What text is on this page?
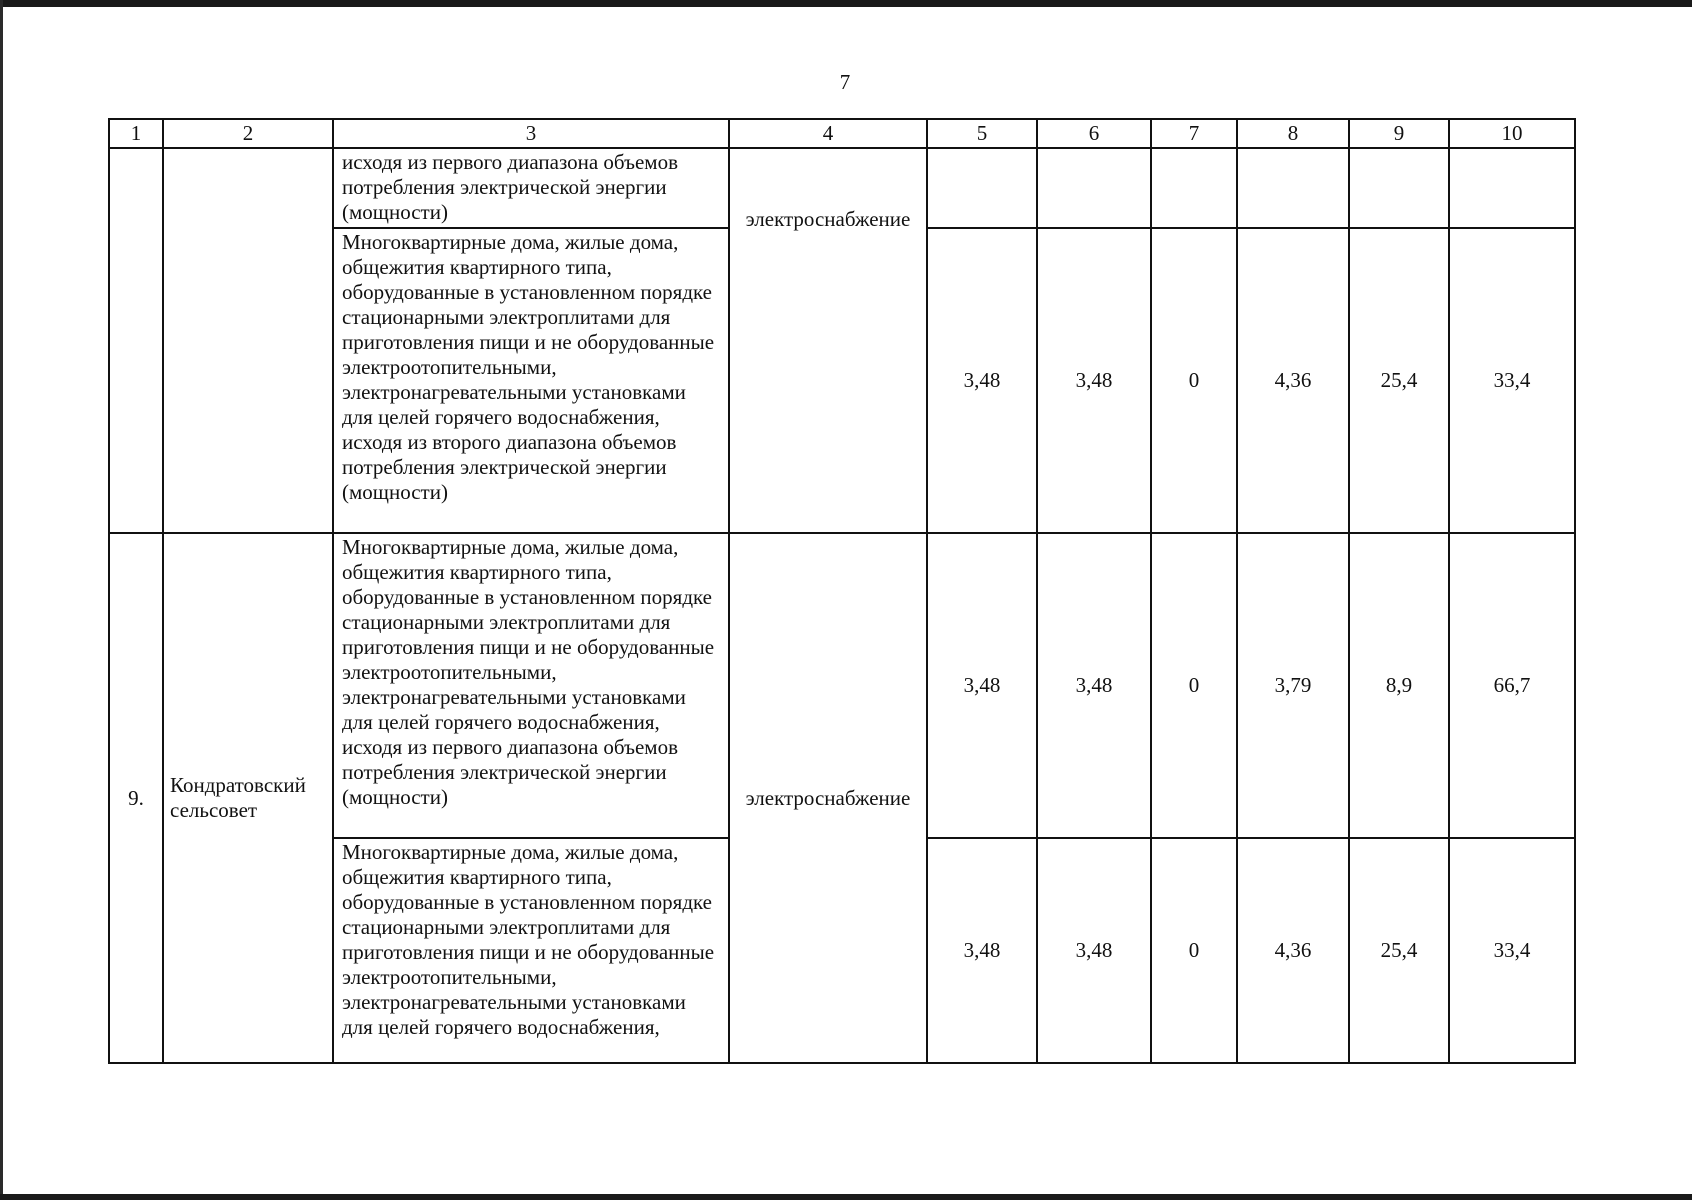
7
1	2	3	4	5	6	7	8	9	10
		исходя из первого диапазона объемов потребления электрической энергии (мощности)	электроснабжение						
		Многоквартирные дома, жилые дома, общежития квартирного типа, оборудованные в установленном порядке стационарными электроплитами для приготовления пищи и не оборудованные электроотопительными, электронагревательными установками для целей горячего водоснабжения, исходя из второго диапазона объемов потребления электрической энергии (мощности)		3,48	3,48	0	4,36	25,4	33,4
9.	Кондратовский сельсовет	Многоквартирные дома, жилые дома, общежития квартирного типа, оборудованные в установленном порядке стационарными электроплитами для приготовления пищи и не оборудованные электроотопительными, электронагревательными установками для целей горячего водоснабжения, исходя из первого диапазона объемов потребления электрической энергии (мощности)	электроснабжение	3,48	3,48	0	3,79	8,9	66,7
		Многоквартирные дома, жилые дома, общежития квартирного типа, оборудованные в установленном порядке стационарными электроплитами для приготовления пищи и не оборудованные электроотопительными, электронагревательными установками для целей горячего водоснабжения,		3,48	3,48	0	4,36	25,4	33,4
